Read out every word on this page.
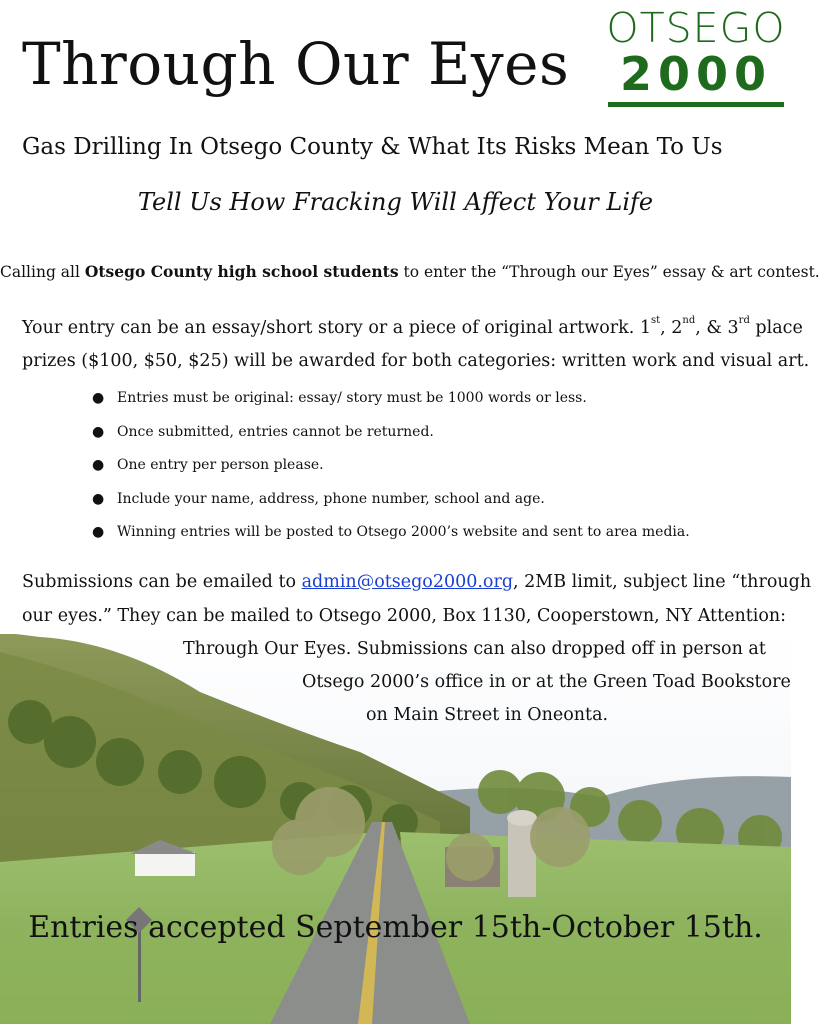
Through Our Eyes
OTSEGO
2000
Gas Drilling In Otsego County & What Its Risks Mean To Us
Tell Us How Fracking Will Affect Your Life
Calling all Otsego County high school students to enter the “Through our Eyes” essay & art contest.
Your entry can be an essay/short story or a piece of original artwork. 1st, 2nd, & 3rd place
prizes ($100, $50, $25) will be awarded for both categories: written work and visual art.
● Entries must be original: essay/ story must be 1000 words or less.
● Once submitted, entries cannot be returned.
● One entry per person please.
● Include your name, address, phone number, school and age.
● Winning entries will be posted to Otsego 2000’s website and sent to area media.
Submissions can be emailed to admin@otsego2000.org, 2MB limit, subject line “through
our eyes.” They can be mailed to Otsego 2000, Box 1130, Cooperstown, NY Attention:
Through Our Eyes. Submissions can also dropped off in person at
Otsego 2000’s office in or at the Green Toad Bookstore
on Main Street in Oneonta.
Entries accepted September 15th-October 15th.
